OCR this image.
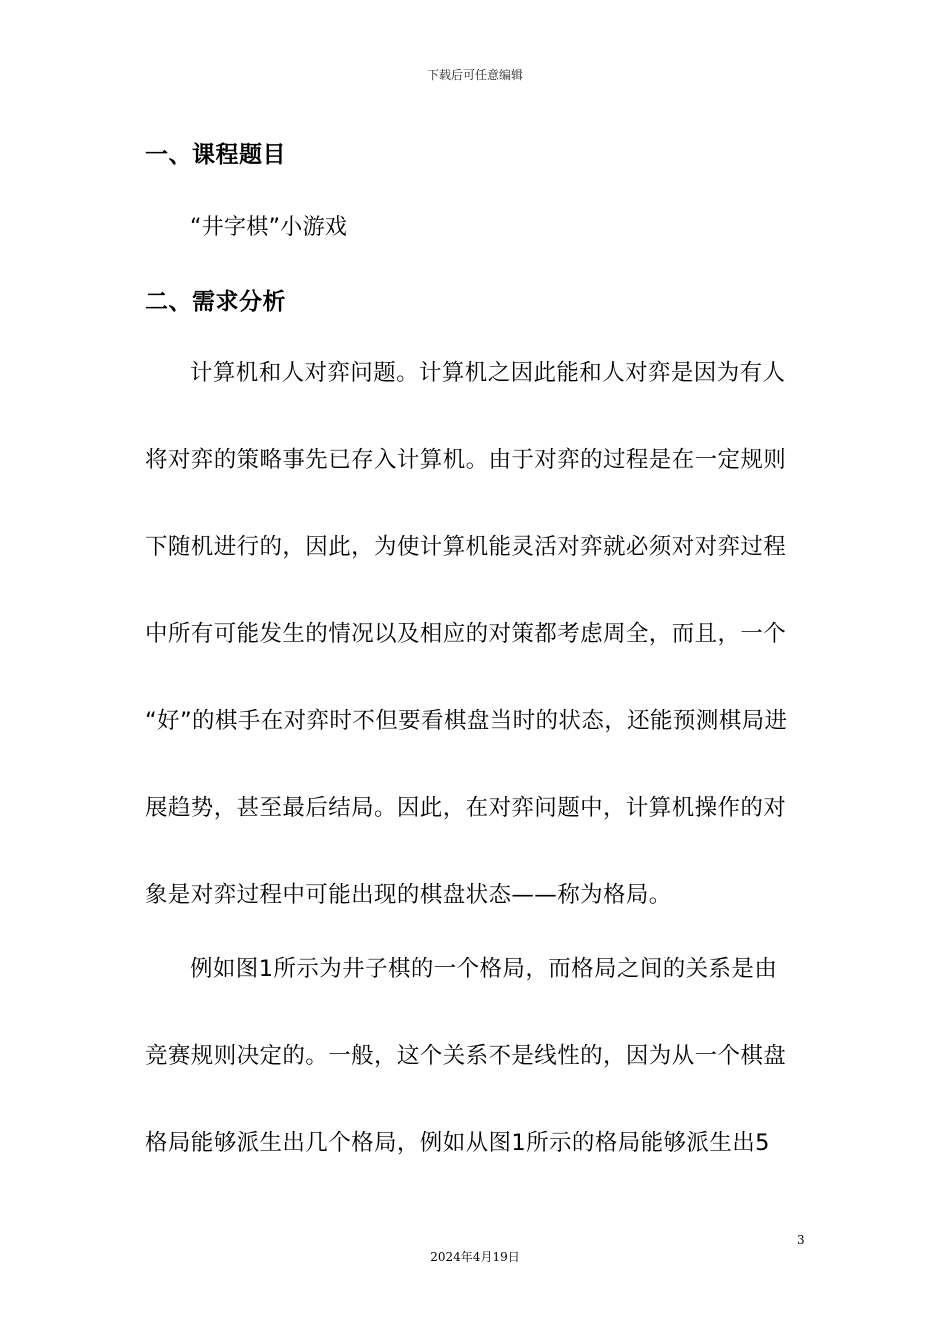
下载后可任意编辑
一、课程题目
“井字棋”小游戏
二、需求分析
计算机和人对弈问题。计算机之因此能和人对弈是因为有人
将对弈的策略事先已存入计算机。由于对弈的过程是在一定规则
下随机进行的，因此，为使计算机能灵活对弈就必须对对弈过程
中所有可能发生的情况以及相应的对策都考虑周全，而且，一个
“好”的棋手在对弈时不但要看棋盘当时的状态，还能预测棋局进
展趋势，甚至最后结局。因此，在对弈问题中，计算机操作的对
象是对弈过程中可能出现的棋盘状态——称为格局。
例如图1所示为井子棋的一个格局，而格局之间的关系是由
竞赛规则决定的。一般，这个关系不是线性的，因为从一个棋盘
格局能够派生出几个格局，例如从图1所示的格局能够派生出5
3
2024年4月19日
